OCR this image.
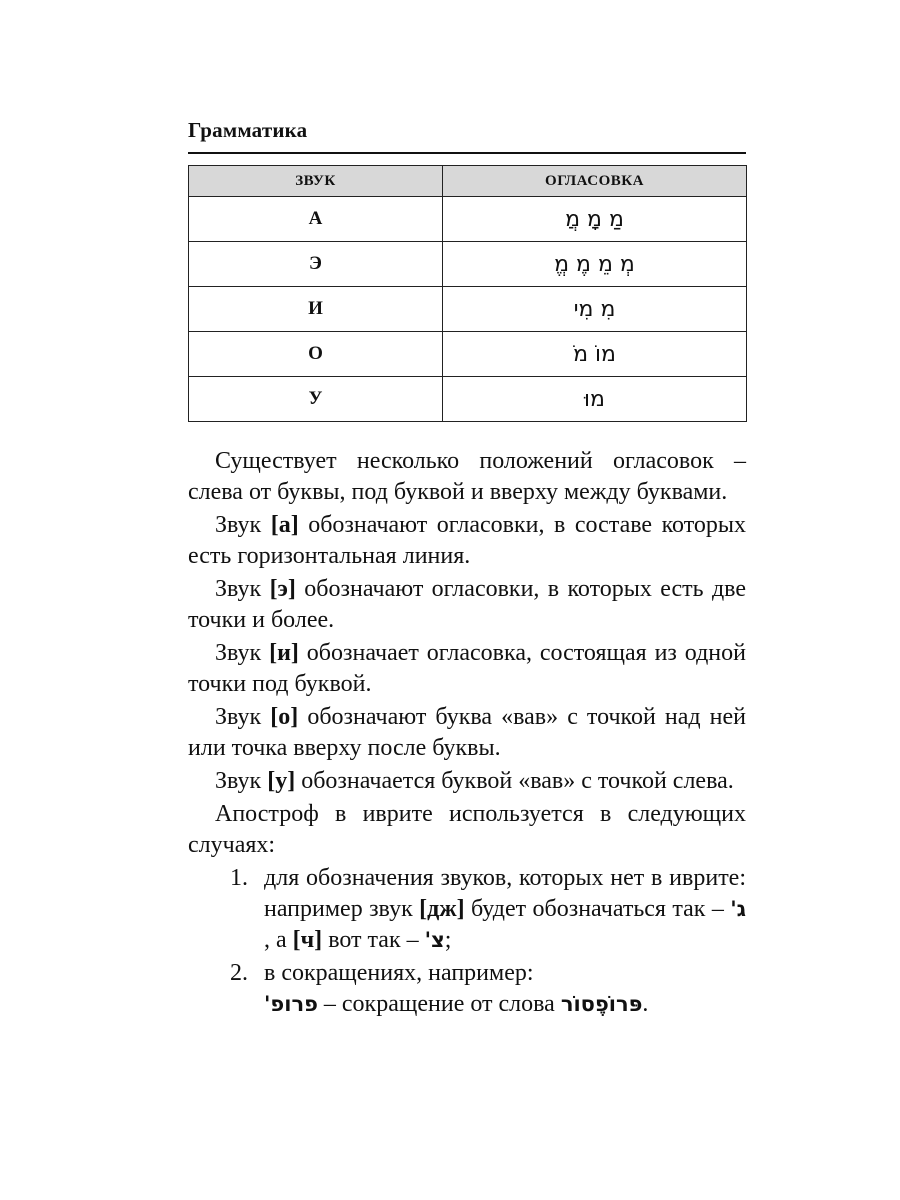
Грамматика
ЗВУК	ОГЛАСОВКА
А	מַ מָ מֲ
Э	מְ מֵ מֶ מֱ
И	מִ מִי
О	מוֹ מֹ
У	מוּ

Существует несколько положений огласовок – слева от буквы, под буквой и вверху между буквами.

Звук [а] обозначают огласовки, в составе которых есть горизонтальная линия.

Звук [э] обозначают огласовки, в которых есть две точки и более.

Звук [и] обозначает огласовка, состоящая из одной точки под буквой.

Звук [о] обозначают буква «вав» с точкой над ней или точка вверху после буквы.

Звук [у] обозначается буквой «вав» с точкой слева.

Апостроф в иврите используется в следующих случаях:

1. для обозначения звуков, которых нет в иврите: например звук [дж] будет обозначаться так – ג' , а [ч] вот так – צ';
2. в сокращениях, например:
פרופ' – сокращение от слова פּרוֹפֶסוֹר.
